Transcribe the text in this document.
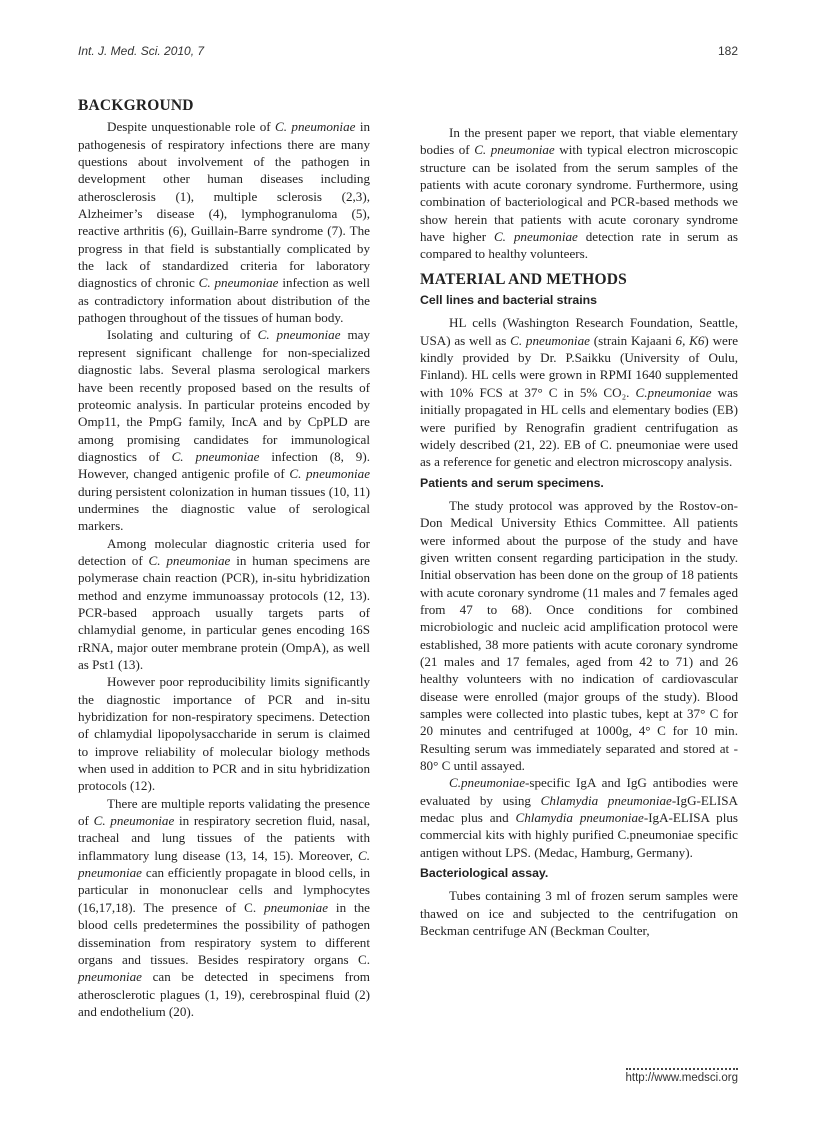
Int. J. Med. Sci. 2010, 7	182
BACKGROUND

Despite unquestionable role of C. pneumoniae in pathogenesis of respiratory infections there are many questions about involvement of the pathogen in development other human diseases including atherosclerosis (1), multiple sclerosis (2,3), Alzheimer’s disease (4), lymphogranuloma (5), reactive arthritis (6), Guillain-Barre syndrome (7). The progress in that field is substantially complicated by the lack of standardized criteria for laboratory diagnostics of chronic C. pneumoniae infection as well as contradictory information about distribution of the pathogen throughout of the tissues of human body.

Isolating and culturing of C. pneumoniae may represent significant challenge for non-specialized diagnostic labs. Several plasma serological markers have been recently proposed based on the results of proteomic analysis. In particular proteins encoded by Omp11, the PmpG family, IncA and by CpPLD are among promising candidates for immunological diagnostics of C. pneumoniae infection (8, 9). However, changed antigenic profile of C. pneumoniae during persistent colonization in human tissues (10, 11) undermines the diagnostic value of serological markers.

Among molecular diagnostic criteria used for detection of C. pneumoniae in human specimens are polymerase chain reaction (PCR), in-situ hybridization method and enzyme immunoassay protocols (12, 13). PCR-based approach usually targets parts of chlamydial genome, in particular genes encoding 16S rRNA, major outer membrane protein (OmpA), as well as Pst1 (13).

However poor reproducibility limits significantly the diagnostic importance of PCR and in-situ hybridization for non-respiratory specimens. Detection of chlamydial lipopolysaccharide in serum is claimed to improve reliability of molecular biology methods when used in addition to PCR and in situ hybridization protocols (12).

There are multiple reports validating the presence of C. pneumoniae in respiratory secretion fluid, nasal, tracheal and lung tissues of the patients with inflammatory lung disease (13, 14, 15). Moreover, C. pneumoniae can efficiently propagate in blood cells, in particular in mononuclear cells and lymphocytes (16,17,18). The presence of C. pneumoniae in the blood cells predetermines the possibility of pathogen dissemination from respiratory system to different organs and tissues. Besides respiratory organs C. pneumoniae can be detected in specimens from atherosclerotic plagues (1, 19), cerebrospinal fluid (2) and endothelium (20).

In the present paper we report, that viable elementary bodies of C. pneumoniae with typical electron microscopic structure can be isolated from the serum samples of the patients with acute coronary syndrome. Furthermore, using combination of bacteriological and PCR-based methods we show herein that patients with acute coronary syndrome have higher C. pneumoniae detection rate in serum as compared to healthy volunteers.

MATERIAL AND METHODS
Cell lines and bacterial strains

HL cells (Washington Research Foundation, Seattle, USA) as well as C. pneumoniae (strain Kajaani 6, K6) were kindly provided by Dr. P.Saikku (University of Oulu, Finland). HL cells were grown in RPMI 1640 supplemented with 10% FCS at 37° C in 5% CO₂. C.pneumoniae was initially propagated in HL cells and elementary bodies (EB) were purified by Renografin gradient centrifugation as widely described (21, 22). EB of C. pneumoniae were used as a reference for genetic and electron microscopy analysis.

Patients and serum specimens.

The study protocol was approved by the Rostov-on- Don Medical University Ethics Committee. All patients were informed about the purpose of the study and have given written consent regarding participation in the study. Initial observation has been done on the group of 18 patients with acute coronary syndrome (11 males and 7 females aged from 47 to 68). Once conditions for combined microbiologic and nucleic acid amplification protocol were established, 38 more patients with acute coronary syndrome (21 males and 17 females, aged from 42 to 71) and 26 healthy volunteers with no indication of cardiovascular disease were enrolled (major groups of the study). Blood samples were collected into plastic tubes, kept at 37° C for 20 minutes and centrifuged at 1000g, 4° C for 10 min. Resulting serum was immediately separated and stored at - 80° C until assayed.

C.pneumoniae-specific IgA and IgG antibodies were evaluated by using Chlamydia pneumoniae-IgG-ELISA medac plus and Chlamydia pneumoniae-IgA-ELISA plus commercial kits with highly purified C.pneumoniae specific antigen without LPS. (Medac, Hamburg, Germany).

Bacteriological assay.

Tubes containing 3 ml of frozen serum samples were thawed on ice and subjected to the centrifugation on Beckman centrifuge AN (Beckman Coulter,

http://www.medsci.org
